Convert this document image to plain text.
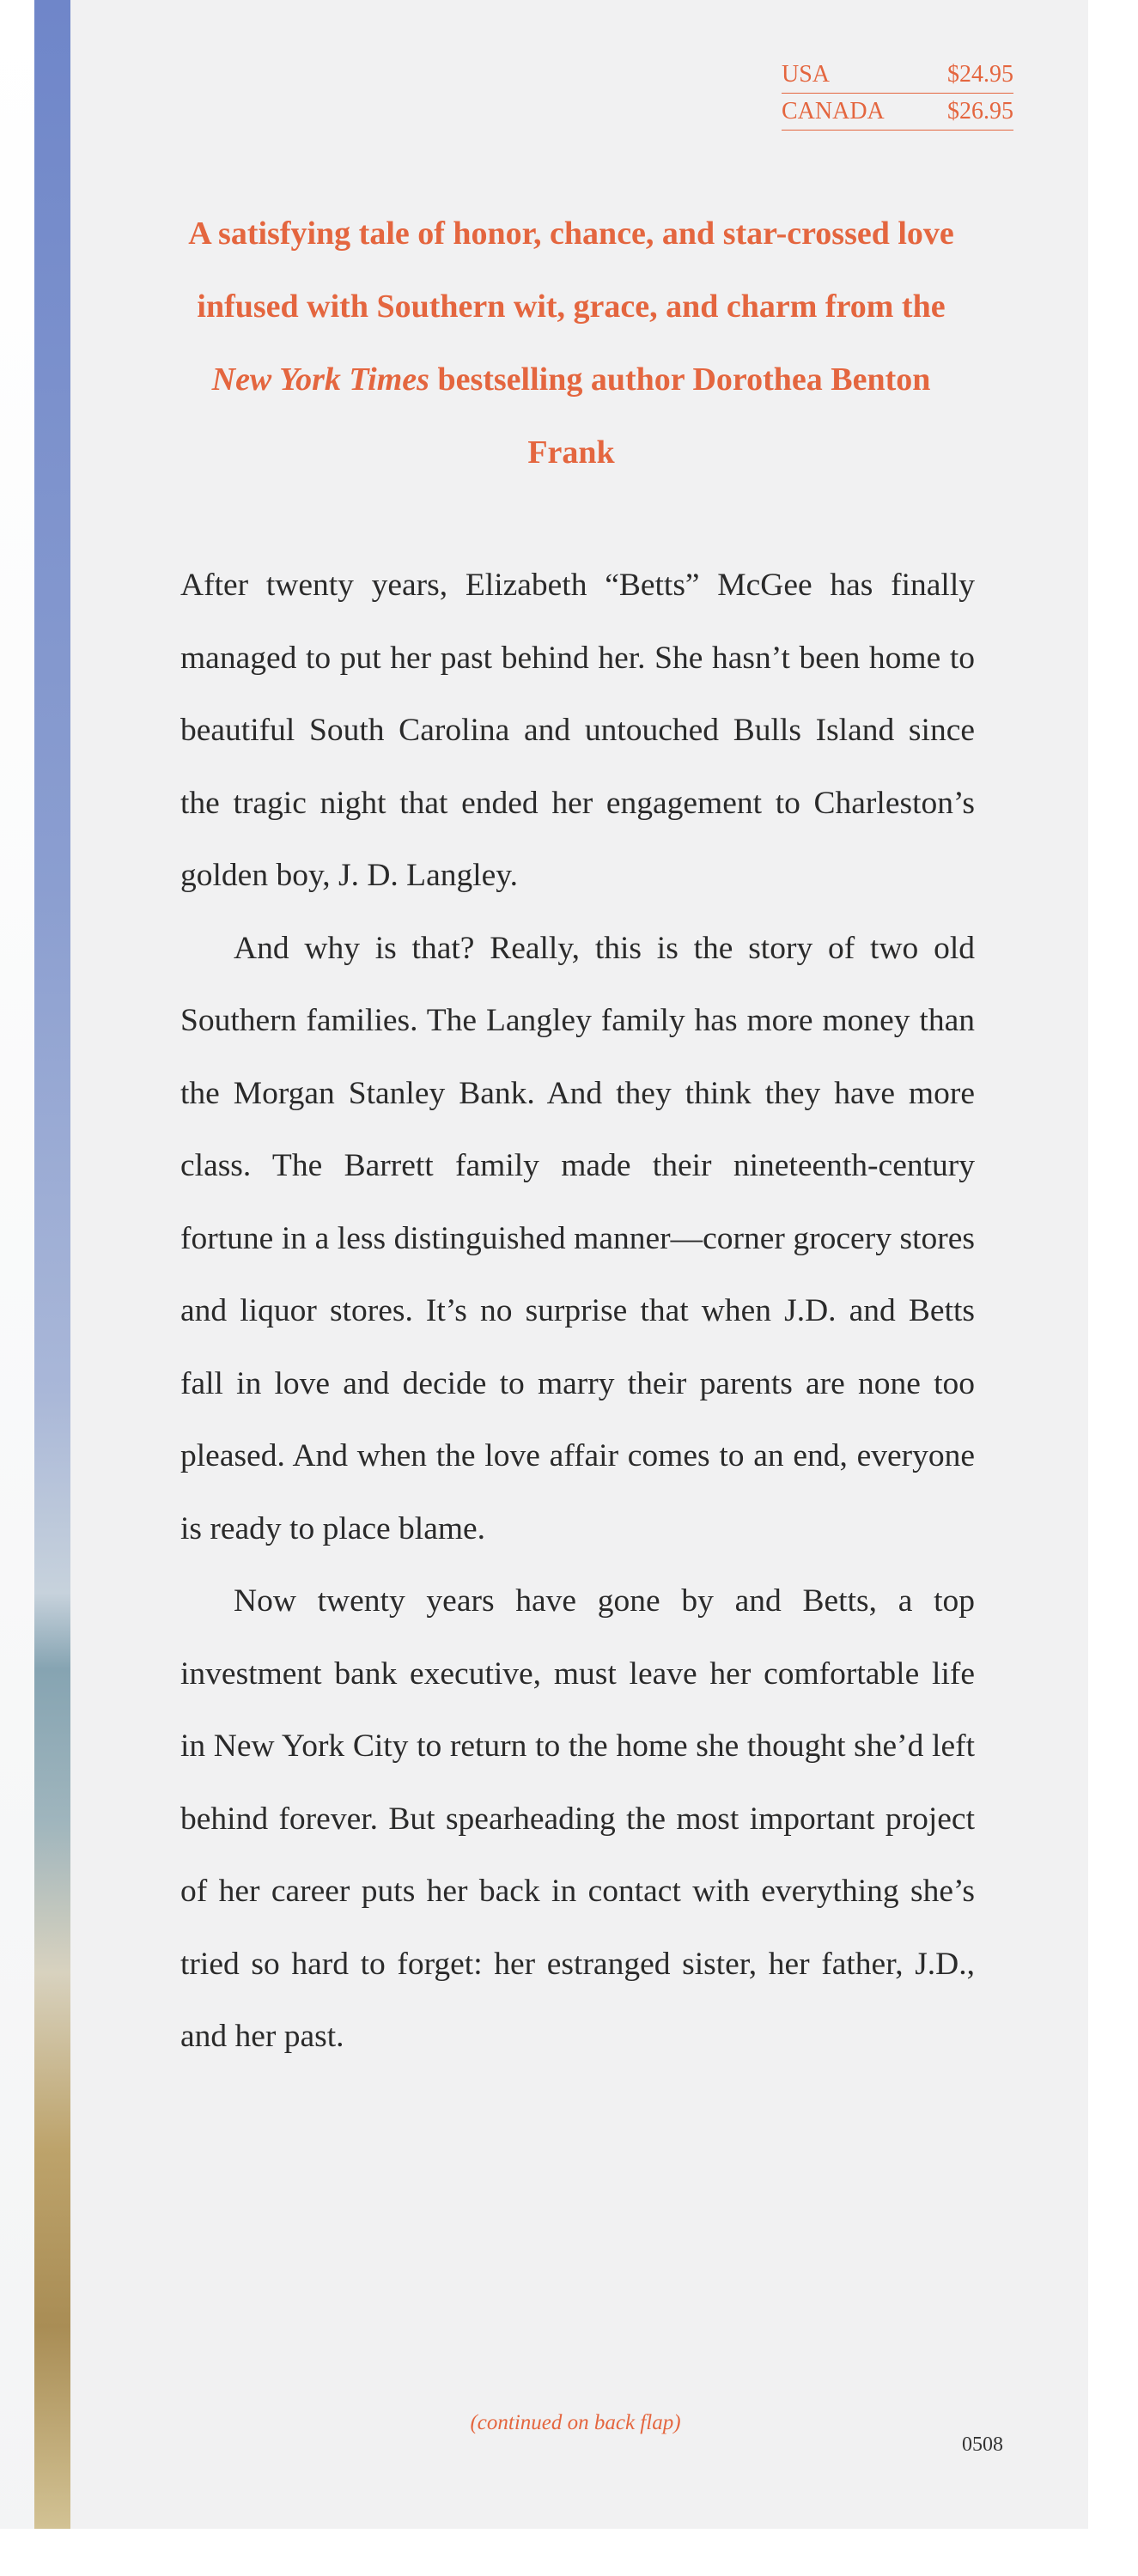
USA	$24.95
CANADA	$26.95
A satisfying tale of honor, chance, and star-crossed love infused with Southern wit, grace, and charm from the New York Times bestselling author Dorothea Benton Frank

After twenty years, Elizabeth “Betts” McGee has finally managed to put her past behind her. She hasn’t been home to beautiful South Carolina and untouched Bulls Island since the tragic night that ended her engagement to Charleston’s golden boy, J. D. Langley.

And why is that? Really, this is the story of two old Southern families. The Langley family has more money than the Morgan Stanley Bank. And they think they have more class. The Barrett family made their nineteenth-century fortune in a less distinguished manner—corner grocery stores and liquor stores. It’s no surprise that when J.D. and Betts fall in love and decide to marry their parents are none too pleased. And when the love affair comes to an end, everyone is ready to place blame.

Now twenty years have gone by and Betts, a top investment bank executive, must leave her comfortable life in New York City to return to the home she thought she’d left behind forever. But spearheading the most important project of her career puts her back in contact with everything she’s tried so hard to forget: her estranged sister, her father, J.D., and her past.

(continued on back flap)
0508
